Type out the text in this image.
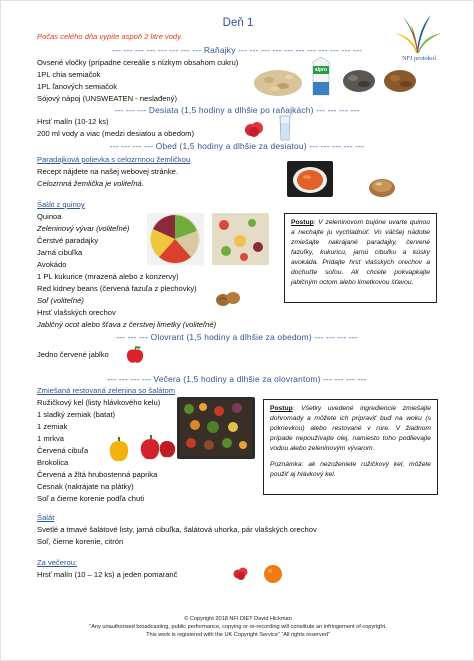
Deň 1
Počas celého dňa vypite aspoň 2 litre vody.
NFI protokol
--- --- --- --- --- --- --- --- Raňajky --- --- --- --- --- --- --- --- --- --- ---
Ovsené vločky (prípadne cereálie s nízkym obsahom cukru)
1PL chia semiačok
1PL ľanových semiačok
Sójový nápoj (UNSWEATEN - neslađený)
alpro
--- --- --- Desiata (1,5 hodiny a dlhšie po raňajkách) --- --- --- ---
Hrsť malín (10-12 ks)
200 ml vody a viac (medzi desiatou a obedom)
--- --- --- --- Obed (1,5 hodiny a dlhšie za desiatou) --- --- --- --- ---
Paradajková polievka s celozrnnou žemličkou
Recept nájdete na našej webovej stránke.
Celozrnná žemlička je voliteľná.
Šalát z quinoy
Quinoa
Zeleninový vývar (voliteľné)
Čerstvé paradajky
Jarná cibuľka
Avokádo
1 PL kukurice (mrazená alebo z konzervy)
Red kidney beans (červená fazuľa z plechovky)
Soľ (voliteľné)
Hrsť vlašských orechov
Jablčný ocot alebo šťava z čerstvej limetky (voliteľné)
Postup: V zeleninovom bujóne uvarte quinou a nechajte ju vychladnúť. Vo väčšej nádobe zmiešajte nakrájané paradajky, červené fazuľky, kukuricu, jarnú cibuľku a kúsky avokáda. Pridajte hrsť vlašských orechov a dochuťte soľou. Ak chcete pokvapkajte jablčným octom alebo limetkovou šťavou.
--- --- --- Olovrant (1,5 hodiny a dlhšie za obedom) --- --- --- ---
Jedno červené jablko
--- --- --- --- Večera (1,5 hodiny a dlhšie za olovrantom) --- --- --- ---
Zmiešaná restovaná zelenina so šalátom
Ružičkový kel (listy hlávkového kelu)
1 sladký zemiak (batat)
1 zemiak
1 mrkva
Červená cibuľa
Brokolica
Červená a žltá hrubostenná paprika
Cesnak (nakrájate na plátky)
Soľ a čierne korenie podľa chuti
Postup: Všetky uvedené ingrediencie zmiešajte dohromady a môžete ich pripraviť buď na woku (s pokrievkou) alebo restované v rúre. V žiadnom prípade nepoužívajte olej, namiesto toho podlievajte vodou alebo zeleninovým vývarom.
Poznámka: ak nezoženiete ružičkový kel, môžete použiť aj hlávkový kel.
Šalát
Svetlé a tmavé šalátové listy, jarná cibuľka, šalátová uhorka, pár vlašských orechov
Soľ, čierne korenie, citrón
Za večerou:
Hrsť malín (10 – 12 ks) a jeden pomaranč
© Copyright 2018 NFI DIET David Hickman
“Any unauthorised broadcasting, public performance, copying or re-recording will constitute an infringement of copyright.
This work is registered with the UK Copyright Service” “All rights reserved”
